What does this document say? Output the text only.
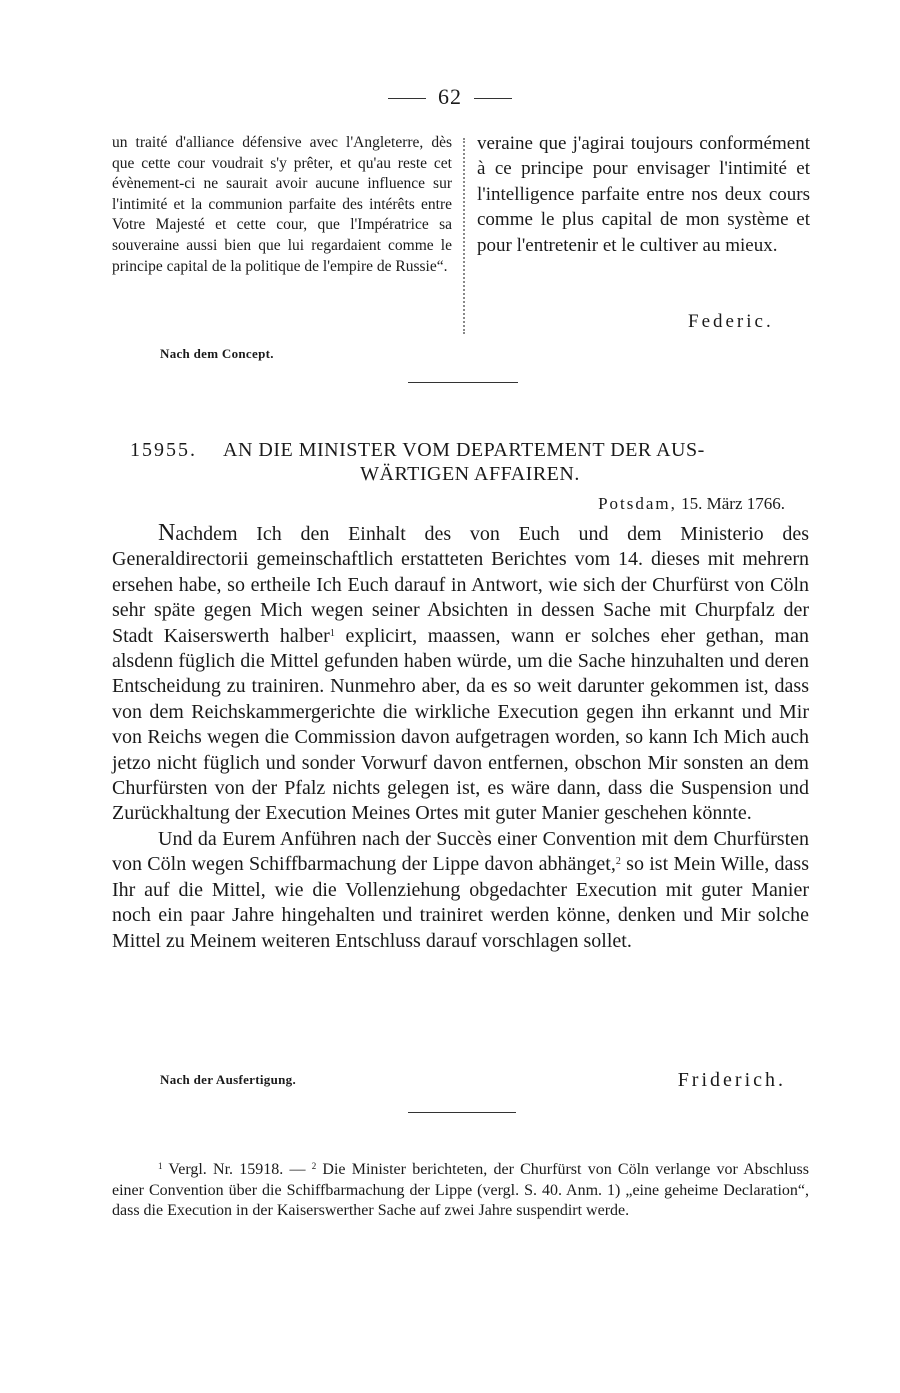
62

un traité d'alliance défensive avec l'Angleterre, dès que cette cour voudrait s'y prêter, et qu'au reste cet évènement-ci ne saurait avoir aucune influence sur l'intimité et la communion parfaite des intérêts entre Votre Majesté et cette cour, que l'Impératrice sa souveraine aussi bien que lui regardaient comme le principe capital de la politique de l'empire de Russie“.

veraine que j'agirai toujours conformément à ce principe pour envisager l'intimité et l'intelligence parfaite entre nos deux cours comme le plus capital de mon système et pour l'entretenir et le cultiver au mieux.

Federic.
Nach dem Concept.
15955. AN DIE MINISTER VOM DEPARTEMENT DER AUS-
WÄRTIGEN AFFAIREN.
Potsdam, 15. März 1766.

Nachdem Ich den Einhalt des von Euch und dem Ministerio des Generaldirectorii gemeinschaftlich erstatteten Berichtes vom 14. dieses mit mehrern ersehen habe, so ertheile Ich Euch darauf in Antwort, wie sich der Churfürst von Cöln sehr späte gegen Mich wegen seiner Absichten in dessen Sache mit Churpfalz der Stadt Kaiserswerth halber$^1$ explicirt, maassen, wann er solches eher gethan, man alsdenn füglich die Mittel gefunden haben würde, um die Sache hinzuhalten und deren Entscheidung zu trainiren. Nunmehro aber, da es so weit darunter gekommen ist, dass von dem Reichskammergerichte die wirkliche Execution gegen ihn erkannt und Mir von Reichs wegen die Commission davon aufgetragen worden, so kann Ich Mich auch jetzo nicht füglich und sonder Vorwurf davon entfernen, obschon Mir sonsten an dem Churfürsten von der Pfalz nichts gelegen ist, es wäre dann, dass die Suspension und Zurückhaltung der Execution Meines Ortes mit guter Manier geschehen könnte.

Und da Eurem Anführen nach der Succès einer Convention mit dem Churfürsten von Cöln wegen Schiffbarmachung der Lippe davon abhänget,$^2$ so ist Mein Wille, dass Ihr auf die Mittel, wie die Vollenziehung obgedachter Execution mit guter Manier noch ein paar Jahre hingehalten und trainiret werden könne, denken und Mir solche Mittel zu Meinem weiteren Entschluss darauf vorschlagen sollet.

Nach der Ausfertigung.	Friderich.

$^1$ Vergl. Nr. 15918. — $^2$ Die Minister berichteten, der Churfürst von Cöln verlange vor Abschluss einer Convention über die Schiffbarmachung der Lippe (vergl. S. 40. Anm. 1) „eine geheime Declaration“, dass die Execution in der Kaiserswerther Sache auf zwei Jahre suspendirt werde.
